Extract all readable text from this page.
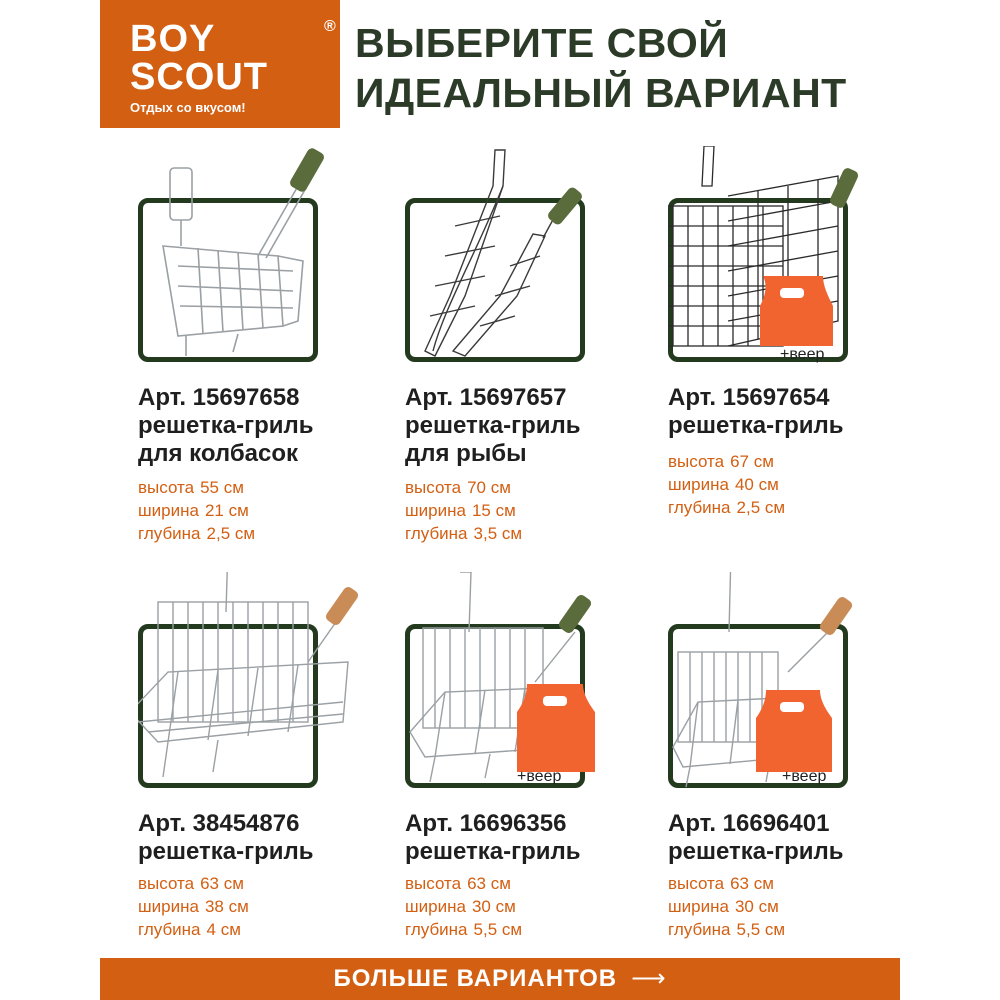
BOY	®
SCOUT
Отдых со вкусом!
ВЫБЕРИТЕ СВОЙ
ИДЕАЛЬНЫЙ ВАРИАНТ
Арт. 15697658
решетка-гриль
для колбасок
высота 55 см
ширина 21 см
глубина 2,5 см
Арт. 15697657
решетка-гриль
для рыбы
высота 70 см
ширина 15 см
глубина 3,5 см
+веер
Арт. 15697654
решетка-гриль
высота 67 см
ширина 40 см
глубина 2,5 см
Арт. 38454876
решетка-гриль
высота 63 см
ширина 38 см
глубина 4 см
+веер
Арт. 16696356
решетка-гриль
высота 63 см
ширина 30 см
глубина 5,5 см
+веер
Арт. 16696401
решетка-гриль
высота 63 см
ширина 30 см
глубина 5,5 см
БОЛЬШЕ ВАРИАНТОВ ⟶
